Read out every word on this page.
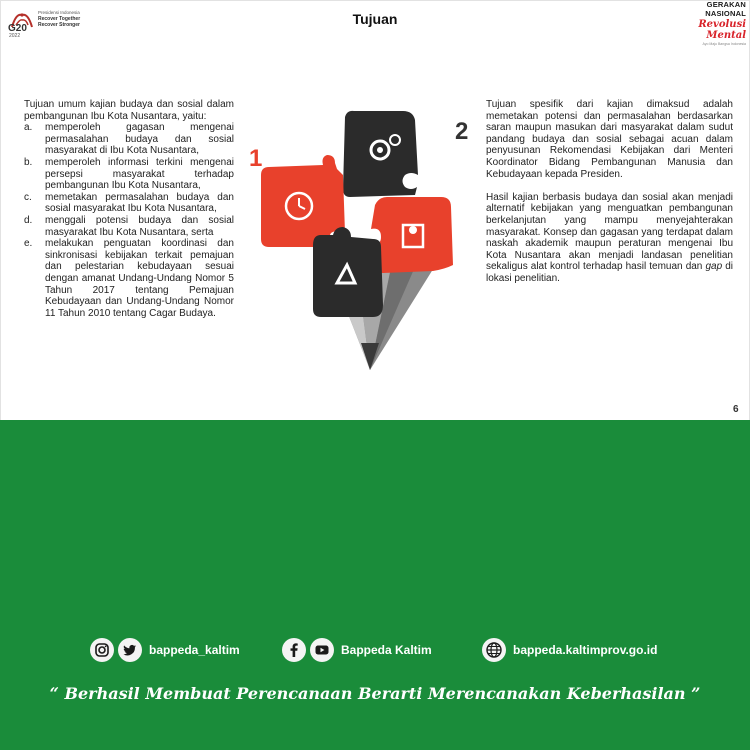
G20
2022
Presidensi Indonesia
Recover Together Recover Stronger	Tujuan
GERAKAN NASIONAL
Revolusi Mental
Ayo Maju Bangsa Indonesia

Tujuan umum kajian budaya dan sosial dalam pembangunan Ibu Kota Nusantara, yaitu:

a. memperoleh gagasan mengenai permasalahan budaya dan sosial masyarakat di Ibu Kota Nusantara,
b. memperoleh informasi terkini mengenai persepsi masyarakat terhadap pembangunan Ibu Kota Nusantara,
c. memetakan permasalahan budaya dan sosial masyarakat Ibu Kota Nusantara,
d. menggali potensi budaya dan sosial masyarakat Ibu Kota Nusantara, serta
e. melakukan penguatan koordinasi dan sinkronisasi kebijakan terkait pemajuan dan pelestarian kebudayaan sesuai dengan amanat Undang-Undang Nomor 5 Tahun 2017 tentang Pemajuan Kebudayaan dan Undang-Undang Nomor 11 Tahun 2010 tentang Cagar Budaya.
1
2

Tujuan spesifik dari kajian dimaksud adalah memetakan potensi dan permasalahan berdasarkan saran maupun masukan dari masyarakat dalam sudut pandang budaya dan sosial sebagai acuan dalam penyusunan Rekomendasi Kebijakan dari Menteri Koordinator Bidang Pembangunan Manusia dan Kebudayaan kepada Presiden.

Hasil kajian berbasis budaya dan sosial akan menjadi alternatif kebijakan yang menguatkan pembangunan berkelanjutan yang mampu menyejahterakan masyarakat. Konsep dan gagasan yang terdapat dalam naskah akademik maupun peraturan mengenai Ibu Kota Nusantara akan menjadi landasan penelitian sekaligus alat kontrol terhadap hasil temuan dan gap di lokasi penelitian.

6
bappeda_kaltim	Bappeda Kaltim	bappeda.kaltimprov.go.id
“ Berhasil Membuat Perencanaan Berarti Merencanakan Keberhasilan ”
